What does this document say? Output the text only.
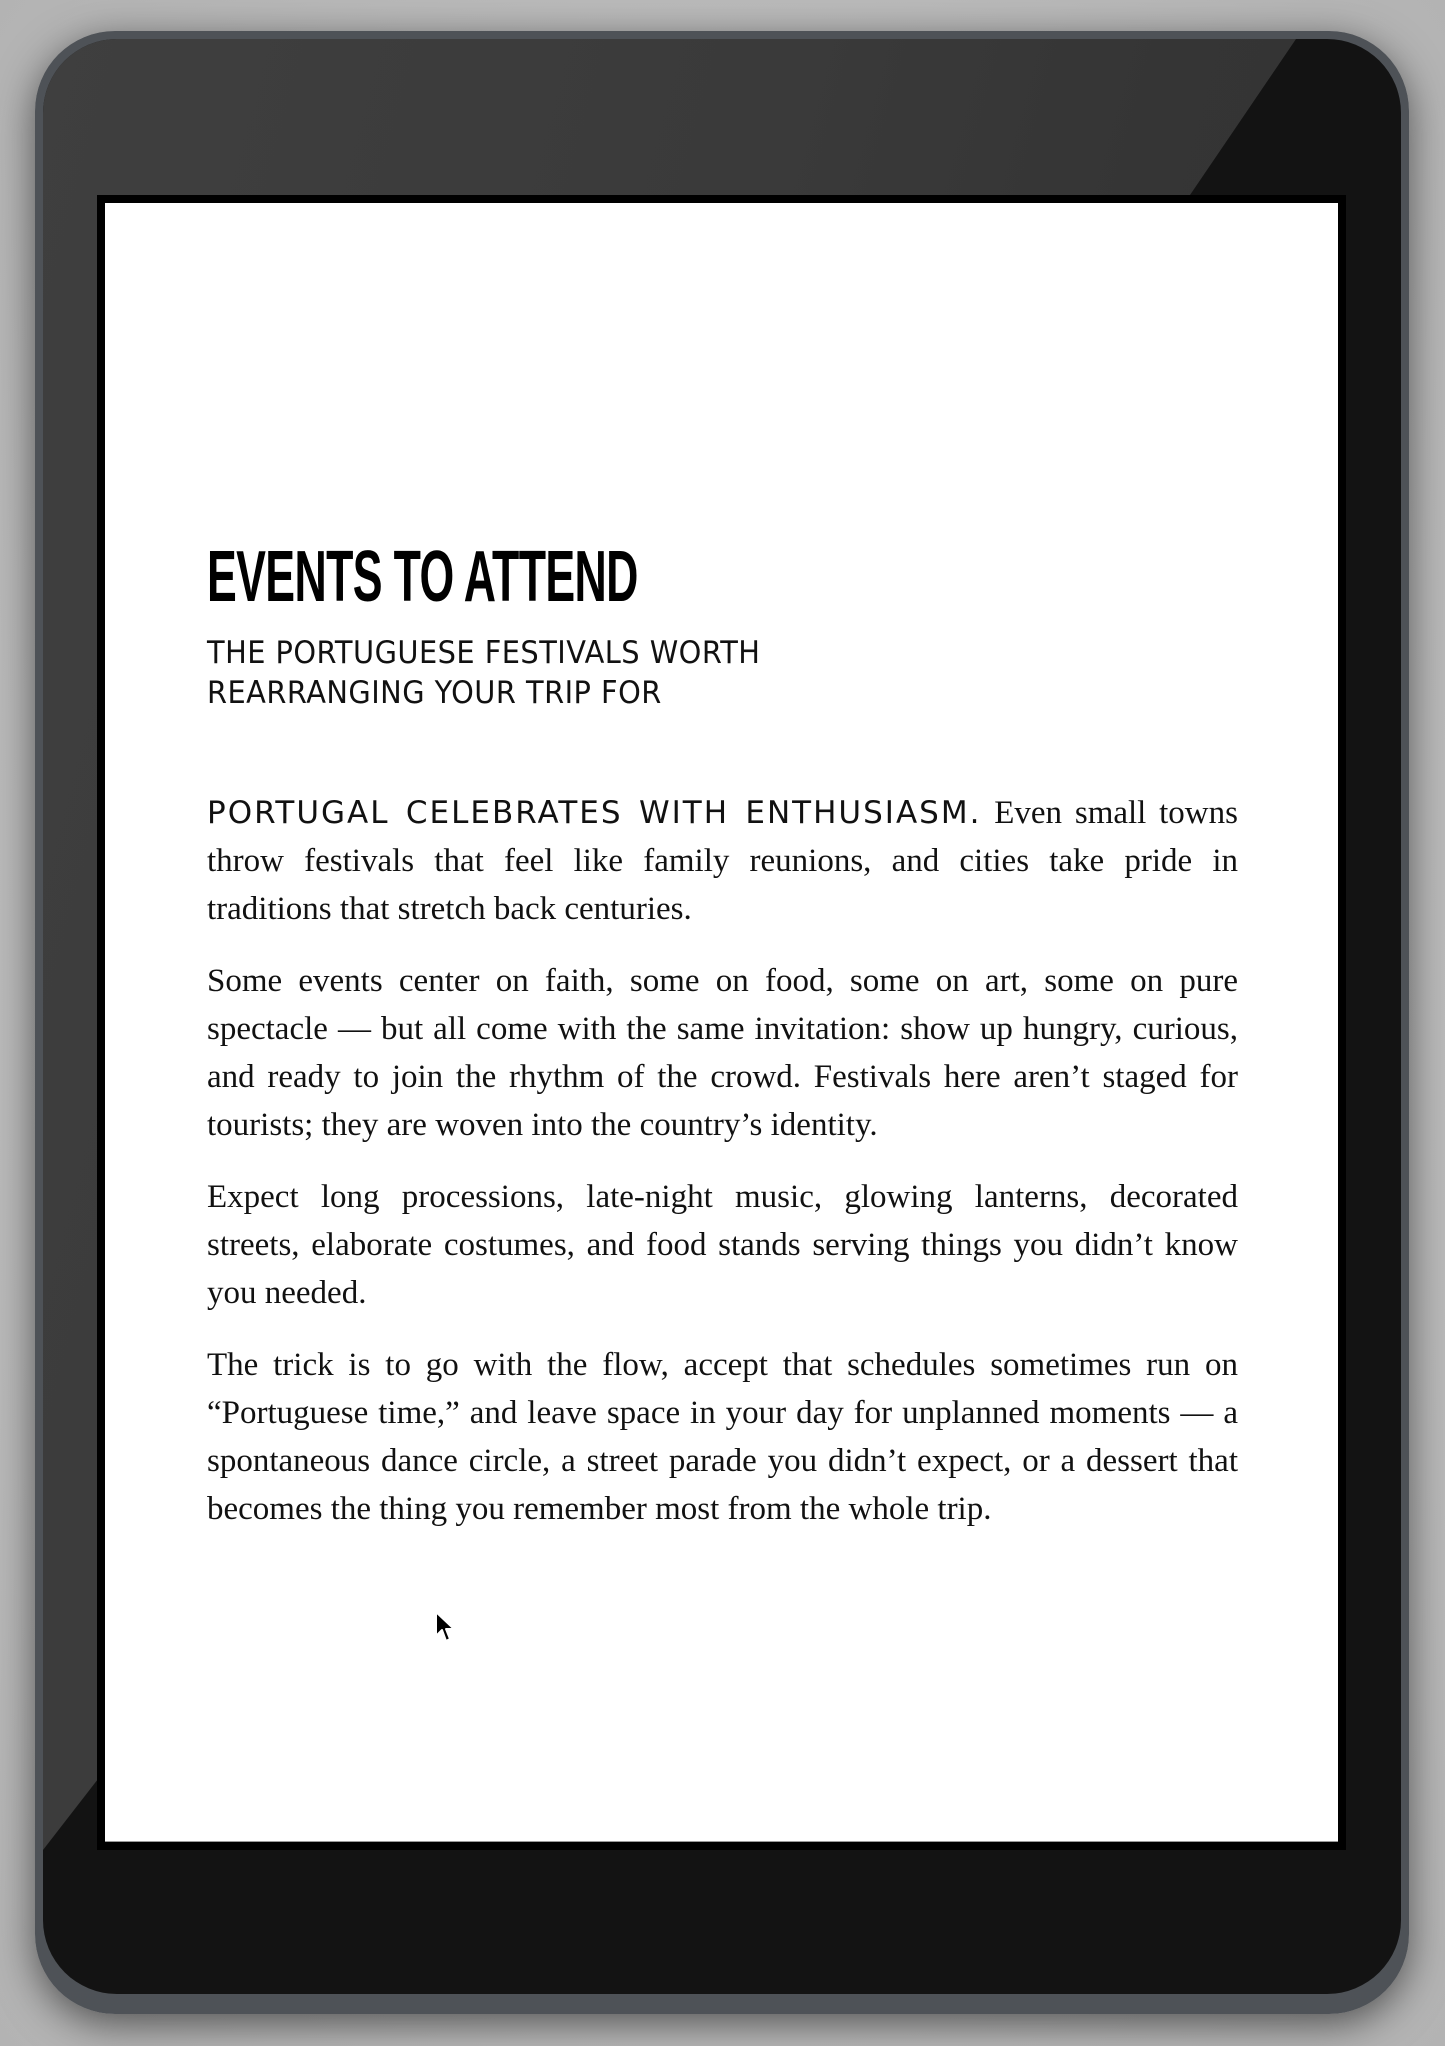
EVENTS TO ATTEND
THE PORTUGUESE FESTIVALS WORTH REARRANGING YOUR TRIP FOR

PORTUGAL CELEBRATES WITH ENTHUSIASM. Even small towns throw festivals that feel like family reunions, and cities take pride in traditions that stretch back centuries.

Some events center on faith, some on food, some on art, some on pure spectacle — but all come with the same invitation: show up hungry, curious, and ready to join the rhythm of the crowd. Festivals here aren’t staged for tourists; they are woven into the country’s identity.

Expect long processions, late-night music, glowing lanterns, decorated streets, elaborate costumes, and food stands serving things you didn’t know you needed.

The trick is to go with the flow, accept that schedules sometimes run on “Portuguese time,” and leave space in your day for unplanned moments — a spontaneous dance circle, a street parade you didn’t expect, or a dessert that becomes the thing you remember most from the whole trip.
